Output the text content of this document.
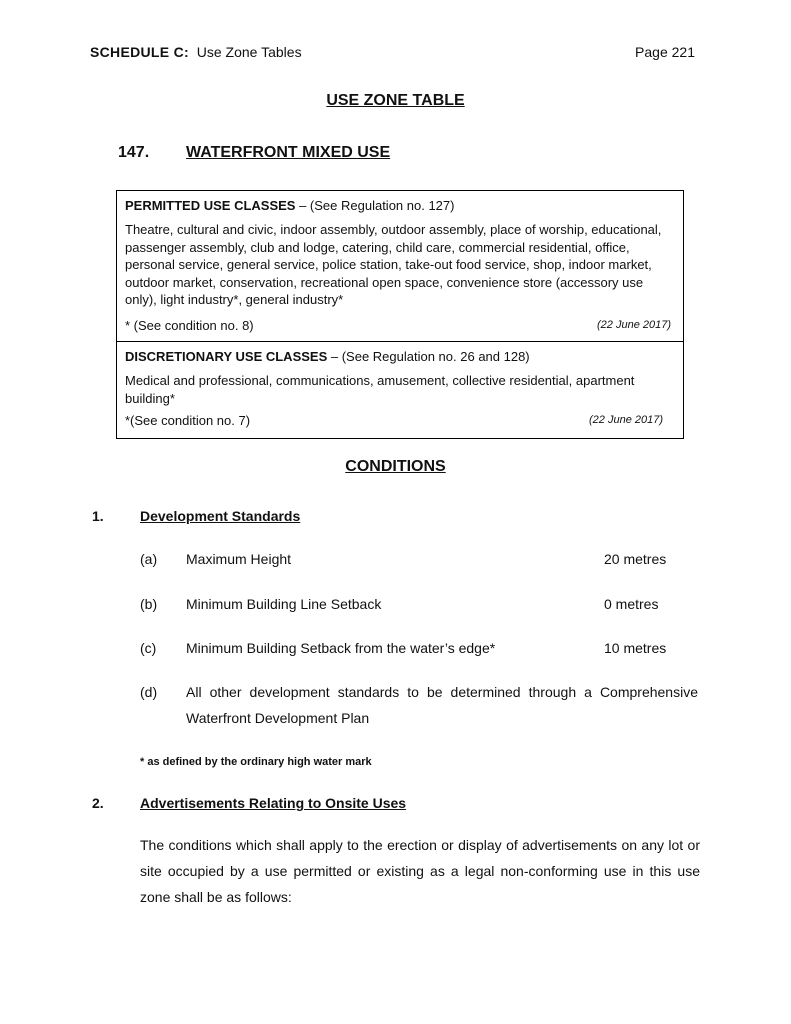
SCHEDULE C: Use Zone Tables	Page 221
USE ZONE TABLE
147. WATERFRONT MIXED USE
PERMITTED USE CLASSES – (See Regulation no. 127)
Theatre, cultural and civic, indoor assembly, outdoor assembly, place of worship, educational, passenger assembly, club and lodge, catering, child care, commercial residential, office, personal service, general service, police station, take-out food service, shop, indoor market, outdoor market, conservation, recreational open space, convenience store (accessory use only), light industry*, general industry*
* (See condition no. 8)	(22 June 2017)
DISCRETIONARY USE CLASSES – (See Regulation no. 26 and 128)
Medical and professional, communications, amusement, collective residential, apartment building*
*(See condition no. 7)	(22 June 2017)
CONDITIONS
1.	Development Standards
(a) Maximum Height	20 metres
(b) Minimum Building Line Setback	0 metres
(c) Minimum Building Setback from the water’s edge*	10 metres
(d) All other development standards to be determined through a Comprehensive Waterfront Development Plan
* as defined by the ordinary high water mark
2.	Advertisements Relating to Onsite Uses
The conditions which shall apply to the erection or display of advertisements on any lot or site occupied by a use permitted or existing as a legal non-conforming use in this use zone shall be as follows:
